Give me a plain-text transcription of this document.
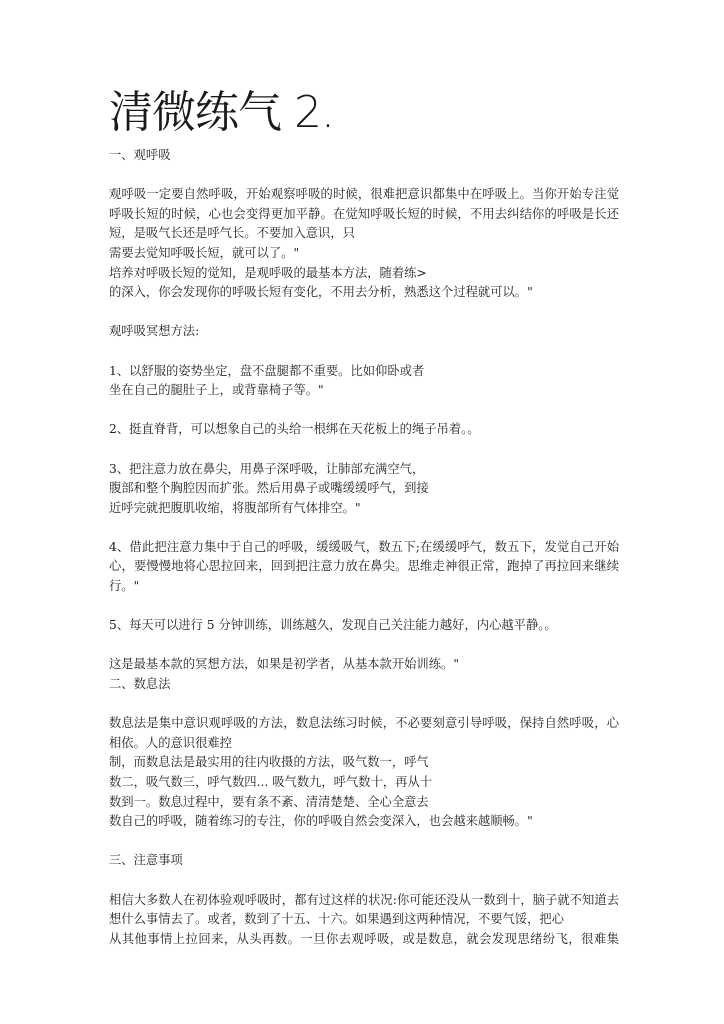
清微练气 2.
一、观呼吸
观呼吸一定要自然呼吸，开始观察呼吸的时候，很难把意识都集中在呼吸上。当你开始专注觉
呼吸长短的时候，心也会变得更加平静。在觉知呼吸长短的时候，不用去纠结你的呼吸是长还
短，是吸气长还是呼气长。不要加入意识，只
需要去觉知呼吸长短，就可以了。"
培养对呼吸长短的觉知，是观呼吸的最基本方法，随着练>
的深入，你会发现你的呼吸长短有变化，不用去分析，熟悉这个过程就可以。"
观呼吸冥想方法:
1、以舒服的姿势坐定，盘不盘腿都不重要。比如仰卧或者
坐在自己的腿肚子上，或背靠椅子等。"
2、挺直脊背，可以想象自己的头给一根绑在天花板上的绳子吊着。。
3、把注意力放在鼻尖，用鼻子深呼吸，让肺部充满空气，
腹部和整个胸腔因而扩张。然后用鼻子或嘴缓缓呼气，到接
近呼完就把腹肌收缩，将腹部所有气体排空。"
4、借此把注意力集中于自己的呼吸，缓缓吸气，数五下;在缓缓呼气，数五下，发觉自己开始
心，要慢慢地将心思拉回来，回到把注意力放在鼻尖。思维走神很正常，跑掉了再拉回来继续
行。"
5、每天可以进行 5 分钟训练，训练越久，发现自己关注能力越好，内心越平静。。
这是最基本款的冥想方法，如果是初学者，从基本款开始训练。"
二、数息法
数息法是集中意识观呼吸的方法，数息法练习时候，不必要刻意引导呼吸，保持自然呼吸，心
相依。人的意识很难控
制，而数息法是最实用的往内收摄的方法，吸气数一，呼气
数二，吸气数三，呼气数四... 吸气数九，呼气数十，再从十
数到一。数息过程中，要有条不紊、清清楚楚、全心全意去
数自己的呼吸，随着练习的专注，你的呼吸自然会变深入，也会越来越顺畅。"
三、注意事项
相信大多数人在初体验观呼吸时，都有过这样的状况:你可能还没从一数到十，脑子就不知道去
想什么事情去了。或者，数到了十五、十六。如果遇到这两种情况，不要气馁，把心
从其他事情上拉回来，从头再数。一旦你去观呼吸，或是数息，就会发现思绪纷飞，很难集
